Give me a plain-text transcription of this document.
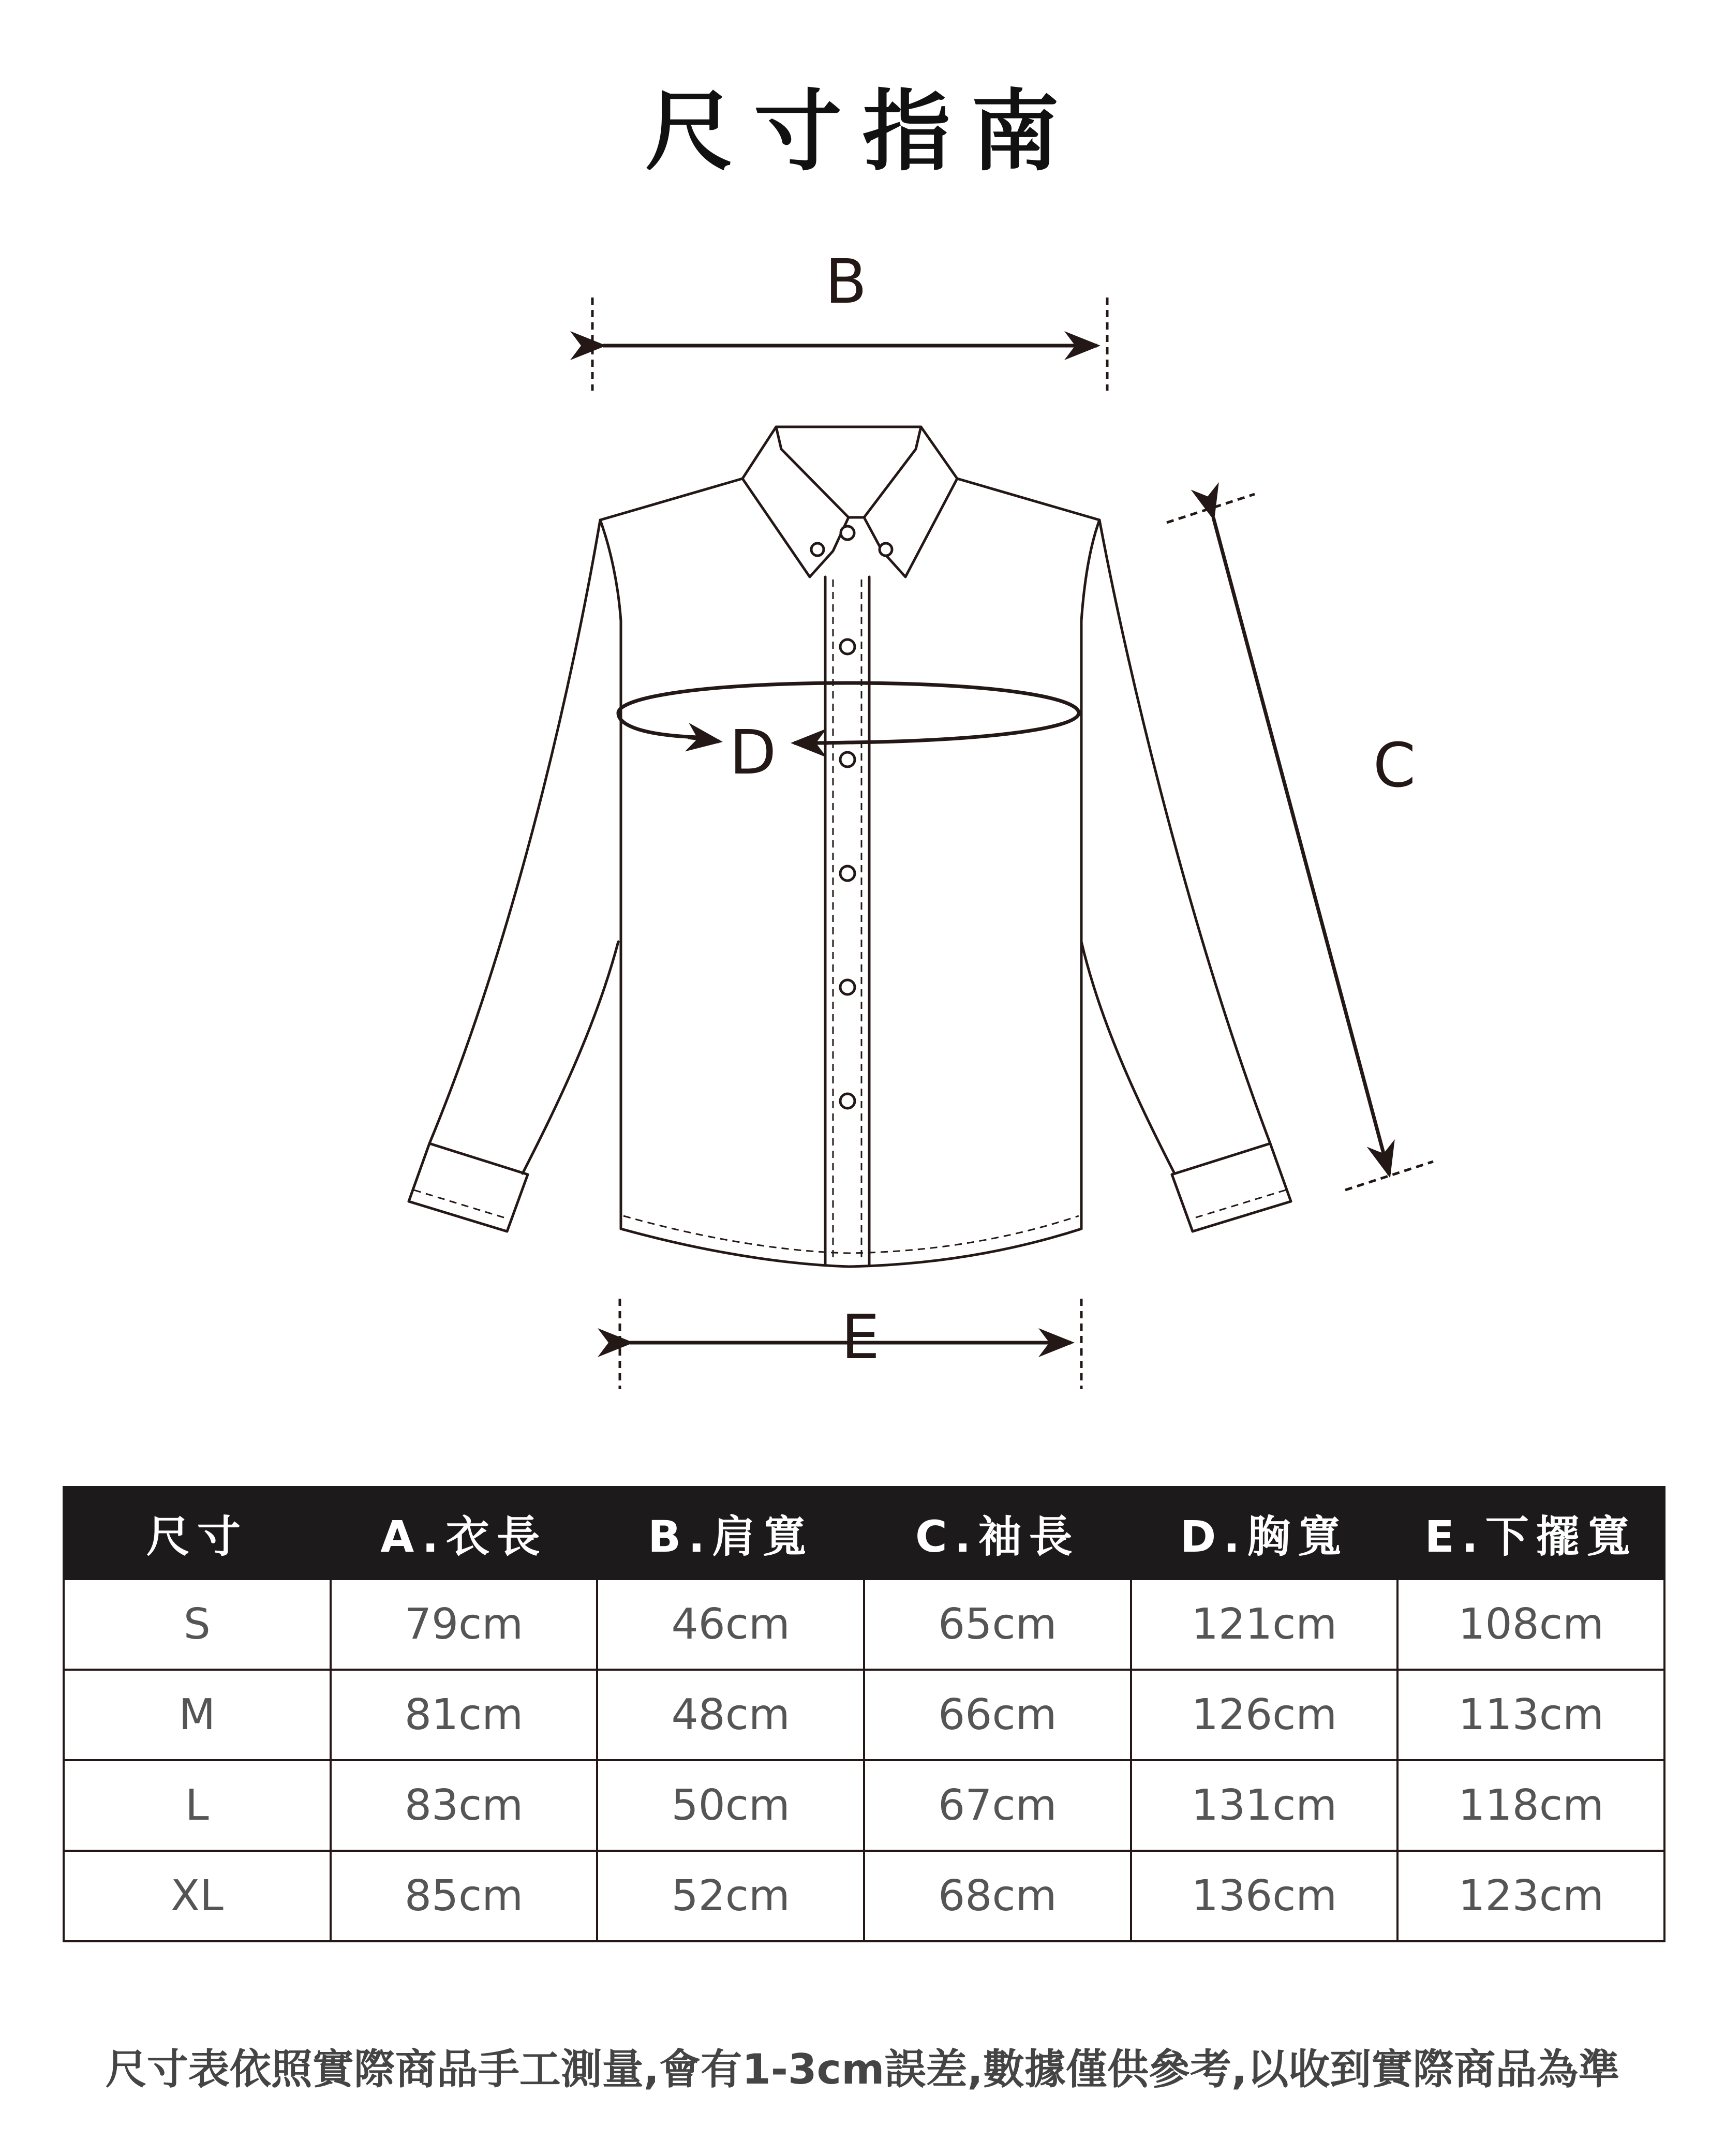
尺寸指南
B
C
D
E
尺寸	A.衣長	B.肩寬	C.袖長	D.胸寬	E.下擺寬
S	79cm	46cm	65cm	121cm	108cm
M	81cm	48cm	66cm	126cm	113cm
L	83cm	50cm	67cm	131cm	118cm
XL	85cm	52cm	68cm	136cm	123cm
尺寸表依照實際商品手工測量,會有1-3cm誤差,數據僅供參考,以收到實際商品為準
